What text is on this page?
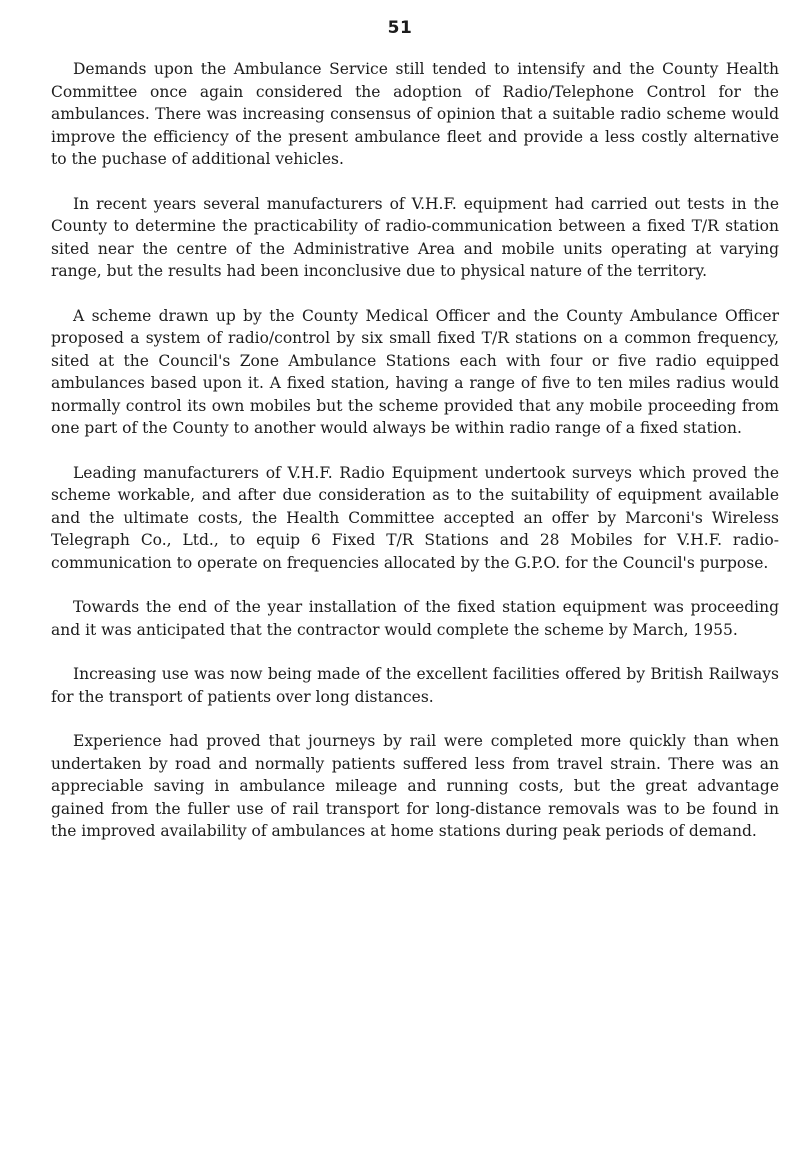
51

Demands upon the Ambulance Service still tended to intensify and the County Health Committee once again considered the adoption of Radio/Telephone Control for the ambulances. There was increasing consensus of opinion that a suitable radio scheme would improve the efficiency of the present ambulance fleet and provide a less costly alternative to the puchase of additional vehicles.

In recent years several manufacturers of V.H.F. equipment had carried out tests in the County to determine the practicability of radio-communication between a fixed T/R station sited near the centre of the Administrative Area and mobile units operating at varying range, but the results had been inconclusive due to physical nature of the territory.

A scheme drawn up by the County Medical Officer and the County Ambulance Officer proposed a system of radio/control by six small fixed T/R stations on a common frequency, sited at the Council's Zone Ambulance Stations each with four or five radio equipped ambulances based upon it. A fixed station, having a range of five to ten miles radius would normally control its own mobiles but the scheme provided that any mobile proceeding from one part of the County to another would always be within radio range of a fixed station.

Leading manufacturers of V.H.F. Radio Equipment undertook surveys which proved the scheme workable, and after due consideration as to the suitability of equipment available and the ultimate costs, the Health Committee accepted an offer by Marconi's Wireless Telegraph Co., Ltd., to equip 6 Fixed T/R Stations and 28 Mobiles for V.H.F. radio-communication to operate on frequencies allocated by the G.P.O. for the Council's purpose.

Towards the end of the year installation of the fixed station equipment was proceeding and it was anticipated that the contractor would complete the scheme by March, 1955.

Increasing use was now being made of the excellent facilities offered by British Railways for the transport of patients over long distances.

Experience had proved that journeys by rail were completed more quickly than when undertaken by road and normally patients suffered less from travel strain. There was an appreciable saving in ambulance mileage and running costs, but the great advantage gained from the fuller use of rail transport for long-distance removals was to be found in the improved availability of ambulances at home stations during peak periods of demand.
